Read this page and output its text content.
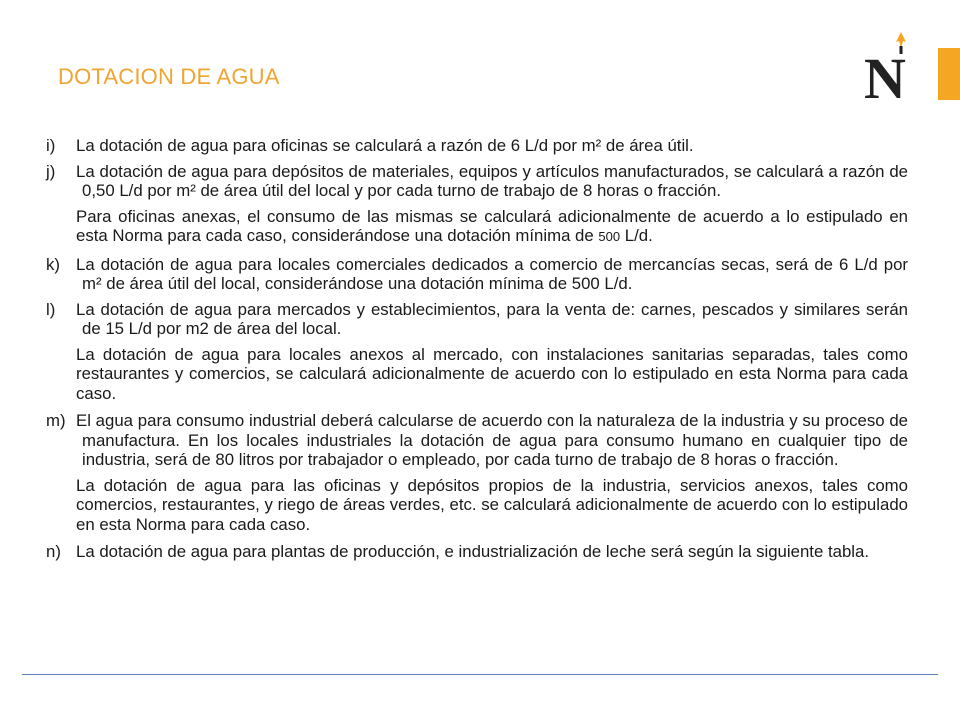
DOTACION DE AGUA	N
i)	La dotación de agua para oficinas se calculará a razón de 6 L/d por m² de área útil.
j)	La dotación de agua para depósitos de materiales, equipos y artículos manufacturados, se calculará a razón de 0,50 L/d por m² de área útil del local y por cada turno de trabajo de 8 horas o fracción.

Para oficinas anexas, el consumo de las mismas se calculará adicionalmente de acuerdo a lo estipulado en esta Norma para cada caso, considerándose una dotación mínima de 500 L/d.

k) La dotación de agua para locales comerciales dedicados a comercio de mercancías secas, será de 6 L/d por m² de área útil del local, considerándose una dotación mínima de 500 L/d.
l)	La dotación de agua para mercados y establecimientos, para la venta de: carnes, pescados y similares serán de 15 L/d por m2 de área del local.

La dotación de agua para locales anexos al mercado, con instalaciones sanitarias separadas, tales como restaurantes y comercios, se calculará adicionalmente de acuerdo con lo estipulado en esta Norma para cada caso.

m) El agua para consumo industrial deberá calcularse de acuerdo con la naturaleza de la industria y su proceso de manufactura. En los locales industriales la dotación de agua para consumo humano en cualquier tipo de industria, será de 80 litros por trabajador o empleado, por cada turno de trabajo de 8 horas o fracción.

La dotación de agua para las oficinas y depósitos propios de la industria, servicios anexos, tales como comercios, restaurantes, y riego de áreas verdes, etc. se calculará adicionalmente de acuerdo con lo estipulado en esta Norma para cada caso.

n) La dotación de agua para plantas de producción, e industrialización de leche será según la siguiente tabla.
